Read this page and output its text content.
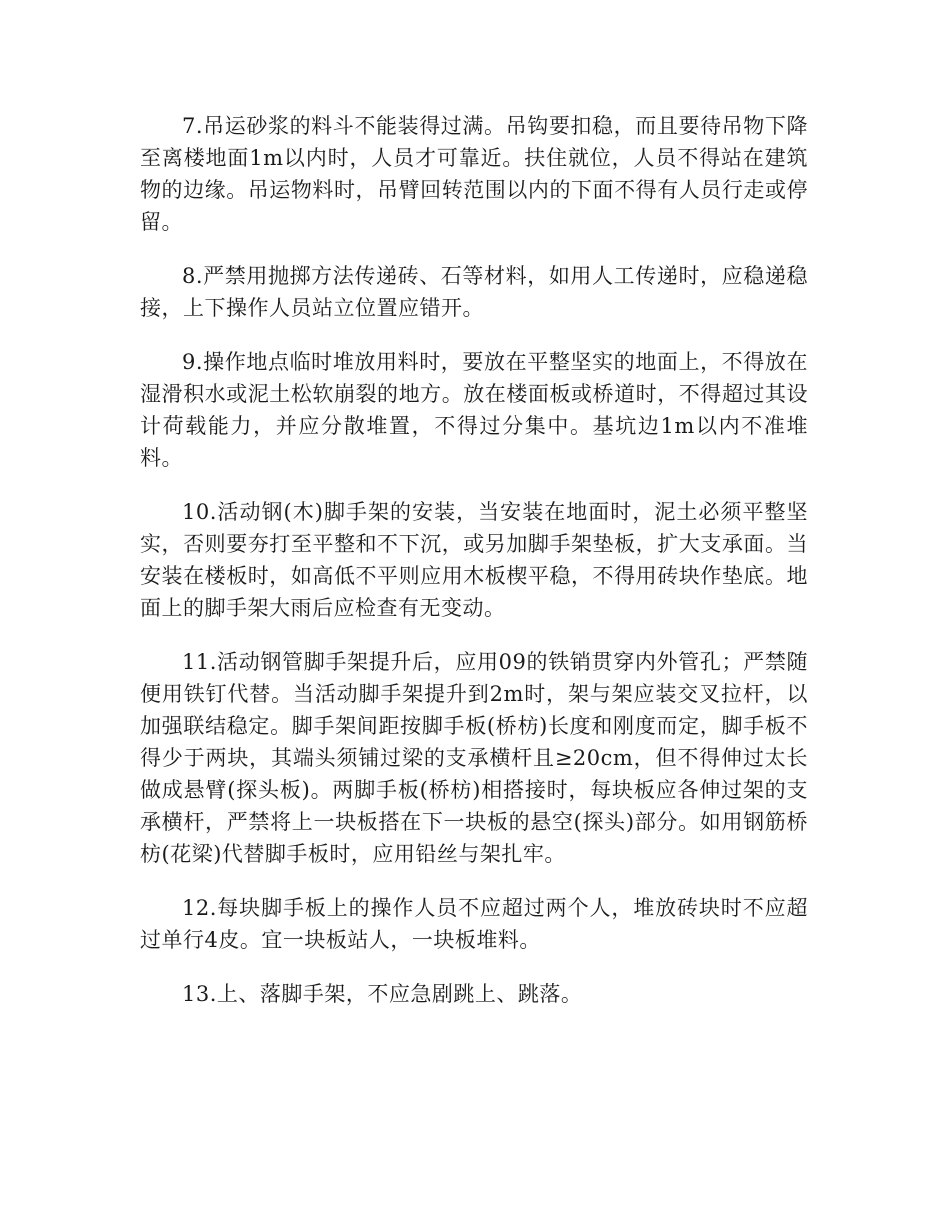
7.吊运砂浆的料斗不能装得过满。吊钩要扣稳，而且要待吊物下降至离楼地面1m以内时，人员才可靠近。扶住就位，人员不得站在建筑物的边缘。吊运物料时，吊臂回转范围以内的下面不得有人员行走或停留。

8.严禁用抛掷方法传递砖、石等材料，如用人工传递时，应稳递稳接，上下操作人员站立位置应错开。

9.操作地点临时堆放用料时，要放在平整坚实的地面上，不得放在湿滑积水或泥土松软崩裂的地方。放在楼面板或桥道时，不得超过其设计荷载能力，并应分散堆置，不得过分集中。基坑边1m以内不准堆料。

10.活动钢(木)脚手架的安装，当安装在地面时，泥土必须平整坚实，否则要夯打至平整和不下沉，或另加脚手架垫板，扩大支承面。当安装在楼板时，如高低不平则应用木板楔平稳，不得用砖块作垫底。地面上的脚手架大雨后应检查有无变动。

11.活动钢管脚手架提升后，应用09的铁销贯穿内外管孔；严禁随便用铁钉代替。当活动脚手架提升到2m时，架与架应装交叉拉杆，以加强联结稳定。脚手架间距按脚手板(桥枋)长度和刚度而定，脚手板不得少于两块，其端头须铺过梁的支承横杆且≥20cm，但不得伸过太长做成悬臂(探头板)。两脚手板(桥枋)相搭接时，每块板应各伸过架的支承横杆，严禁将上一块板搭在下一块板的悬空(探头)部分。如用钢筋桥枋(花梁)代替脚手板时，应用铅丝与架扎牢。

12.每块脚手板上的操作人员不应超过两个人，堆放砖块时不应超过单行4皮。宜一块板站人，一块板堆料。

13.上、落脚手架，不应急剧跳上、跳落。
